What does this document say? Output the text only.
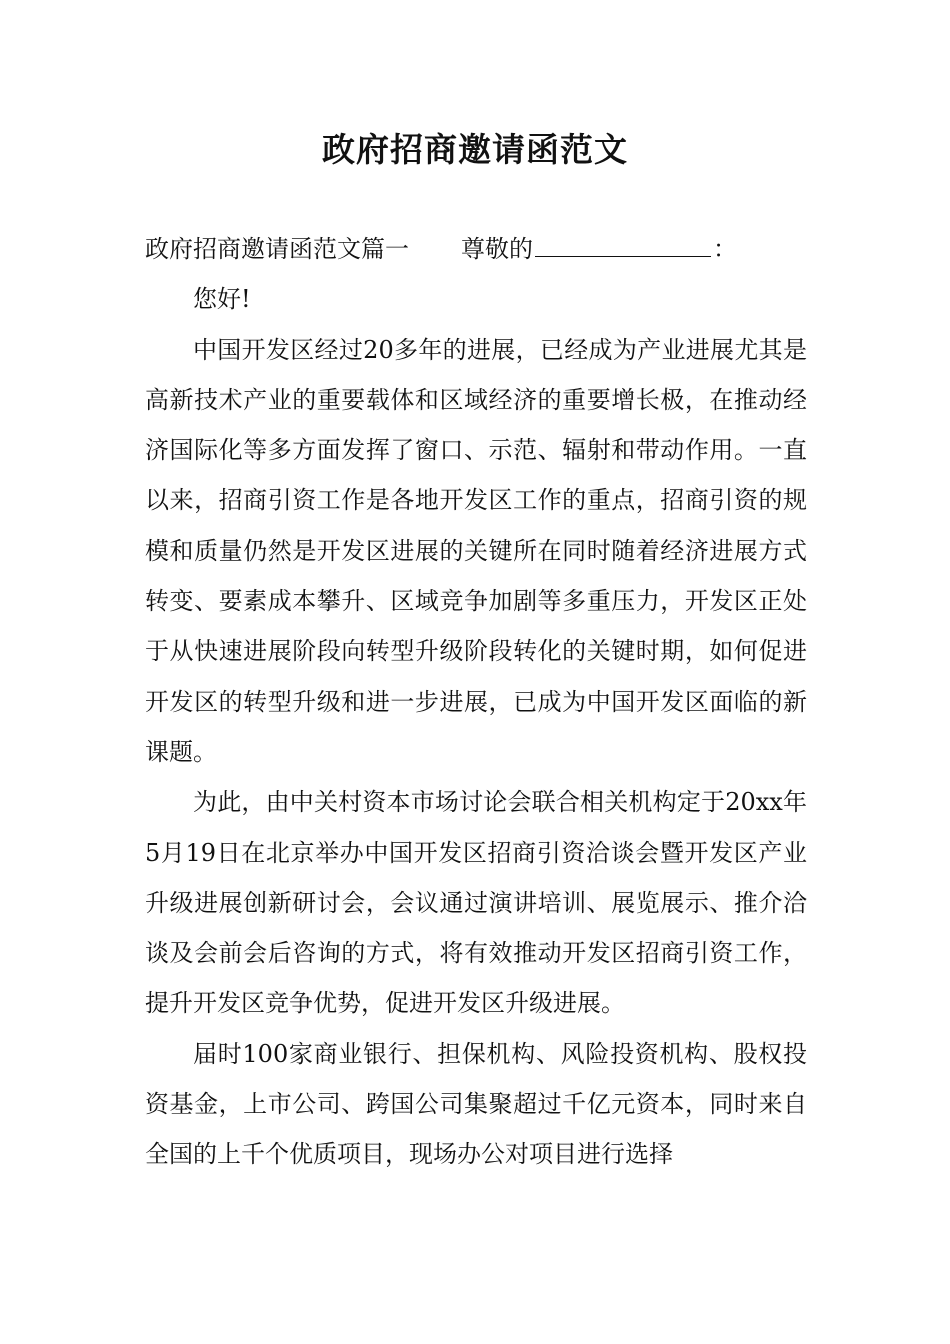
政府招商邀请函范文

政府招商邀请函范文篇一 尊敬的	：

您好!

中国开发区经过20多年的进展，已经成为产业进展尤其是高新技术产业的重要载体和区域经济的重要增长极，在推动经济国际化等多方面发挥了窗口、示范、辐射和带动作用。一直以来，招商引资工作是各地开发区工作的重点，招商引资的规模和质量仍然是开发区进展的关键所在同时随着经济进展方式转变、要素成本攀升、区域竞争加剧等多重压力，开发区正处于从快速进展阶段向转型升级阶段转化的关键时期，如何促进开发区的转型升级和进一步进展，已成为中国开发区面临的新课题。

为此，由中关村资本市场讨论会联合相关机构定于20xx年5月19日在北京举办中国开发区招商引资洽谈会暨开发区产业升级进展创新研讨会，会议通过演讲培训、展览展示、推介洽谈及会前会后咨询的方式，将有效推动开发区招商引资工作，提升开发区竞争优势，促进开发区升级进展。

届时100家商业银行、担保机构、风险投资机构、股权投资基金，上市公司、跨国公司集聚超过千亿元资本，同时来自全国的上千个优质项目，现场办公对项目进行选择
